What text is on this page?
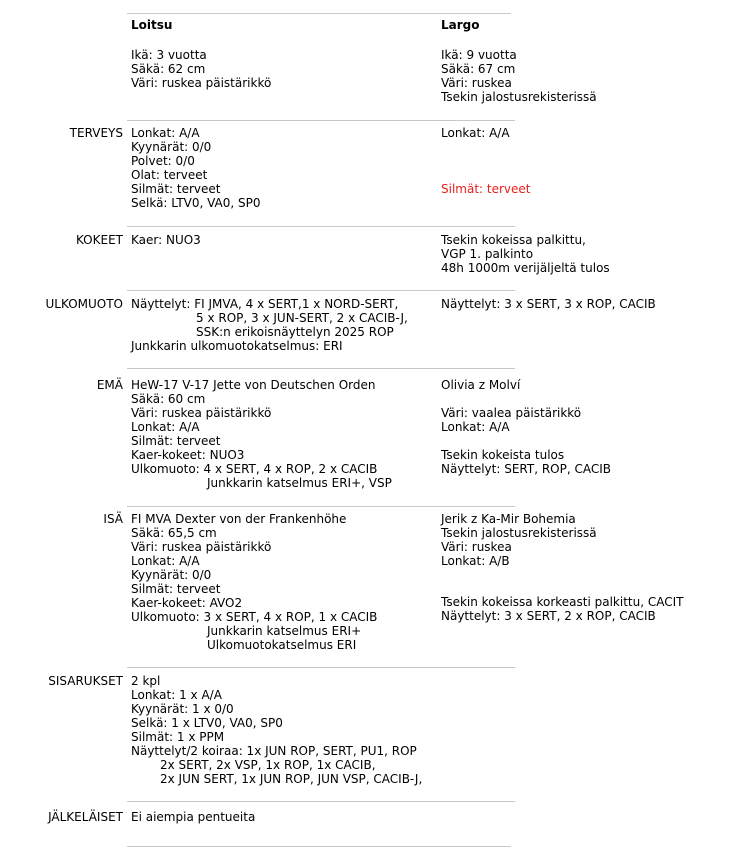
Loitsu	Largo
Ikä: 3 vuotta
Säkä: 62 cm
Väri: ruskea päistärikkö
Ikä: 9 vuotta
Säkä: 67 cm
Väri: ruskea
Tsekin jalostusrekisterissä
TERVEYS Lonkat: A/A
Kyynärät: 0/0
Polvet: 0/0
Olat: terveet
Silmät: terveet
Selkä: LTV0, VA0, SP0
Lonkat: A/A
Silmät: terveet
KOKEET Kaer: NUO3	Tsekin kokeissa palkittu,
VGP 1. palkinto
48h 1000m verijäljeltä tulos
ULKOMUOTO Näyttelyt: FI JMVA, 4 x SERT,1 x NORD-SERT,
5 x ROP, 3 x JUN-SERT, 2 x CACIB-J,
SSK:n erikoisnäyttelyn 2025 ROP
Junkkarin ulkomuotokatselmus: ERI
Näyttelyt: 3 x SERT, 3 x ROP, CACIB
EMÄ HeW-17 V-17 Jette von Deutschen Orden
Säkä: 60 cm
Väri: ruskea päistärikkö
Lonkat: A/A
Silmät: terveet
Kaer-kokeet: NUO3
Ulkomuoto: 4 x SERT, 4 x ROP, 2 x CACIB
Junkkarin katselmus ERI+, VSP
Olivia z Molví
Väri: vaalea päistärikkö
Lonkat: A/A
Tsekin kokeista tulos
Näyttelyt: SERT, ROP, CACIB
ISÄ FI MVA Dexter von der Frankenhöhe
Säkä: 65,5 cm
Väri: ruskea päistärikkö
Lonkat: A/A
Kyynärät: 0/0
Silmät: terveet
Kaer-kokeet: AVO2
Ulkomuoto: 3 x SERT, 4 x ROP, 1 x CACIB
Junkkarin katselmus ERI+
Ulkomuotokatselmus ERI
Jerik z Ka-Mir Bohemia
Tsekin jalostusrekisterissä
Väri: ruskea
Lonkat: A/B
Tsekin kokeissa korkeasti palkittu, CACIT
Näyttelyt: 3 x SERT, 2 x ROP, CACIB
SISARUKSET 2 kpl
Lonkat: 1 x A/A
Kyynärät: 1 x 0/0
Selkä: 1 x LTV0, VA0, SP0
Silmät: 1 x PPM
Näyttelyt/2 koiraa: 1x JUN ROP, SERT, PU1, ROP
2x SERT, 2x VSP, 1x ROP, 1x CACIB,
2x JUN SERT, 1x JUN ROP, JUN VSP, CACIB-J,
JÄLKELÄISET Ei aiempia pentueita
